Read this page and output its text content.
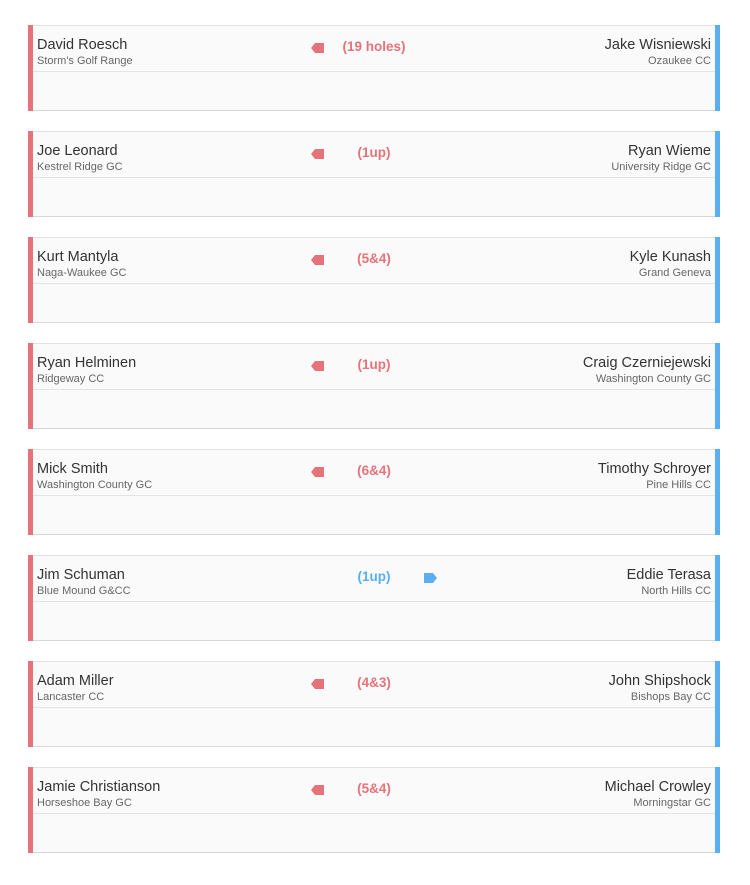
David Roesch
Storm's Golf Range
(19 holes)	Jake Wisniewski
Ozaukee CC
Joe Leonard
Kestrel Ridge GC
(1up)	Ryan Wieme
University Ridge GC
Kurt Mantyla
Naga-Waukee GC
(5&4)	Kyle Kunash
Grand Geneva
Ryan Helminen
Ridgeway CC
(1up)	Craig Czerniejewski
Washington County GC
Mick Smith
Washington County GC
(6&4)	Timothy Schroyer
Pine Hills CC
Jim Schuman
Blue Mound G&CC
(1up)	Eddie Terasa
North Hills CC
Adam Miller
Lancaster CC
(4&3)	John Shipshock
Bishops Bay CC
Jamie Christianson
Horseshoe Bay GC
(5&4)	Michael Crowley
Morningstar GC
